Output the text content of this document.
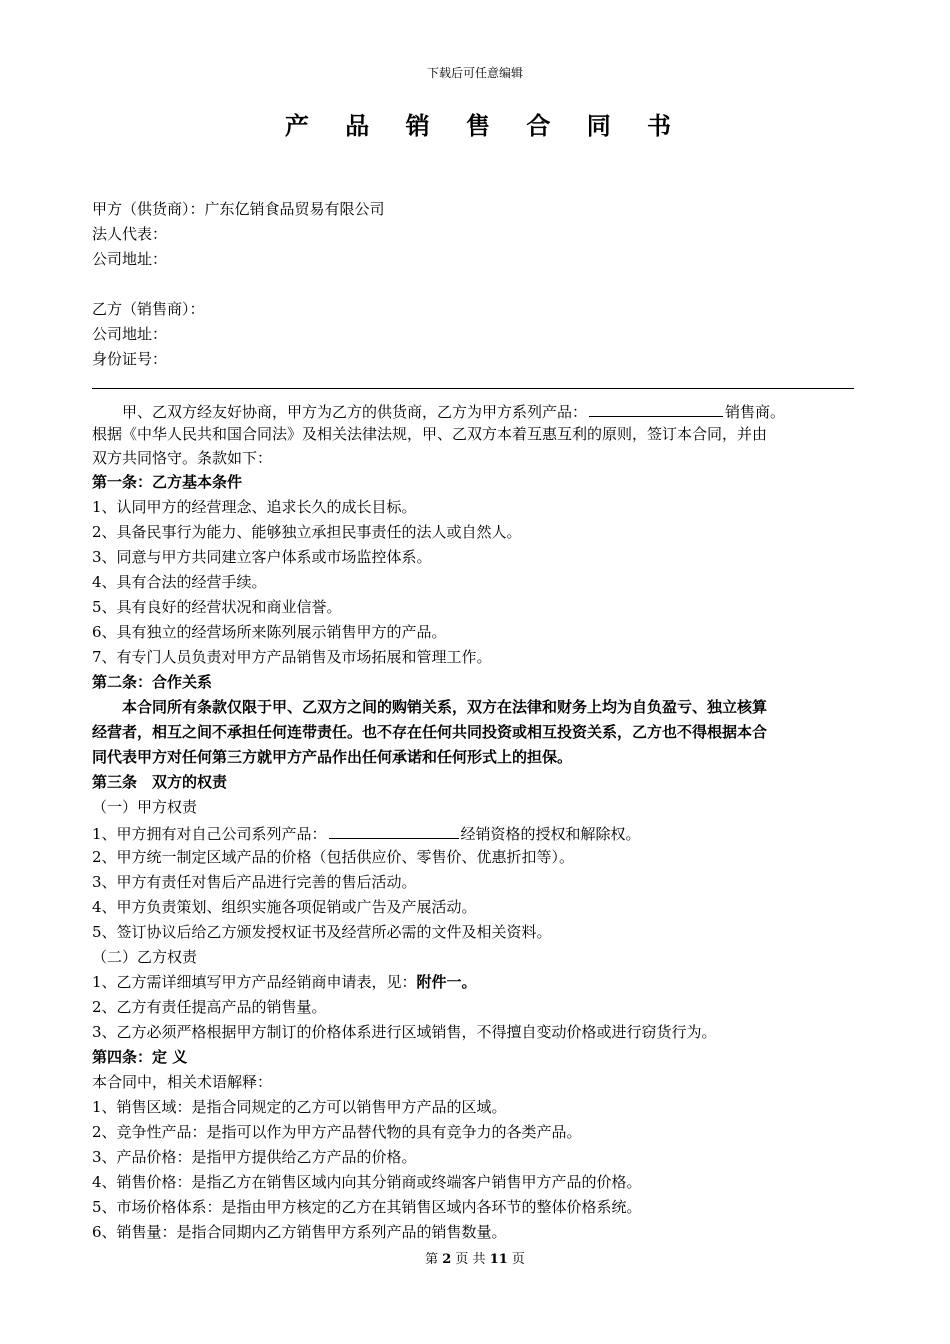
下载后可任意编辑
产 品 销 售 合 同 书
甲方（供货商）：广东亿销食品贸易有限公司
法人代表：
公司地址：
乙方（销售商）：
公司地址：
身份证号：
甲、乙双方经友好协商，甲方为乙方的供货商，乙方为甲方系列产品：	销售商。
根据《中华人民共和国合同法》及相关法律法规，甲、乙双方本着互惠互利的原则，签订本合同，并由
双方共同恪守。条款如下：
第一条：乙方基本条件
1、认同甲方的经营理念、追求长久的成长目标。
2、具备民事行为能力、能够独立承担民事责任的法人或自然人。
3、同意与甲方共同建立客户体系或市场监控体系。
4、具有合法的经营手续。
5、具有良好的经营状况和商业信誉。
6、具有独立的经营场所来陈列展示销售甲方的产品。
7、有专门人员负责对甲方产品销售及市场拓展和管理工作。
第二条：合作关系
本合同所有条款仅限于甲、乙双方之间的购销关系，双方在法律和财务上均为自负盈亏、独立核算
经营者，相互之间不承担任何连带责任。也不存在任何共同投资或相互投资关系，乙方也不得根据本合
同代表甲方对任何第三方就甲方产品作出任何承诺和任何形式上的担保。
第三条　双方的权责
（一）甲方权责
1、甲方拥有对自己公司系列产品：	经销资格的授权和解除权。
2、甲方统一制定区域产品的价格（包括供应价、零售价、优惠折扣等）。
3、甲方有责任对售后产品进行完善的售后活动。
4、甲方负责策划、组织实施各项促销或广告及产展活动。
5、签订协议后给乙方颁发授权证书及经营所必需的文件及相关资料。
（二）乙方权责
1、乙方需详细填写甲方产品经销商申请表，见：附件一。
2、乙方有责任提高产品的销售量。
3、乙方必须严格根据甲方制订的价格体系进行区域销售，不得擅自变动价格或进行窃货行为。
第四条：定 义
本合同中，相关术语解释：
1、销售区域：是指合同规定的乙方可以销售甲方产品的区域。
2、竞争性产品：是指可以作为甲方产品替代物的具有竞争力的各类产品。
3、产品价格：是指甲方提供给乙方产品的价格。
4、销售价格：是指乙方在销售区域内向其分销商或终端客户销售甲方产品的价格。
5、市场价格体系：是指由甲方核定的乙方在其销售区域内各环节的整体价格系统。
6、销售量：是指合同期内乙方销售甲方系列产品的销售数量。
第 2 页 共 11 页
